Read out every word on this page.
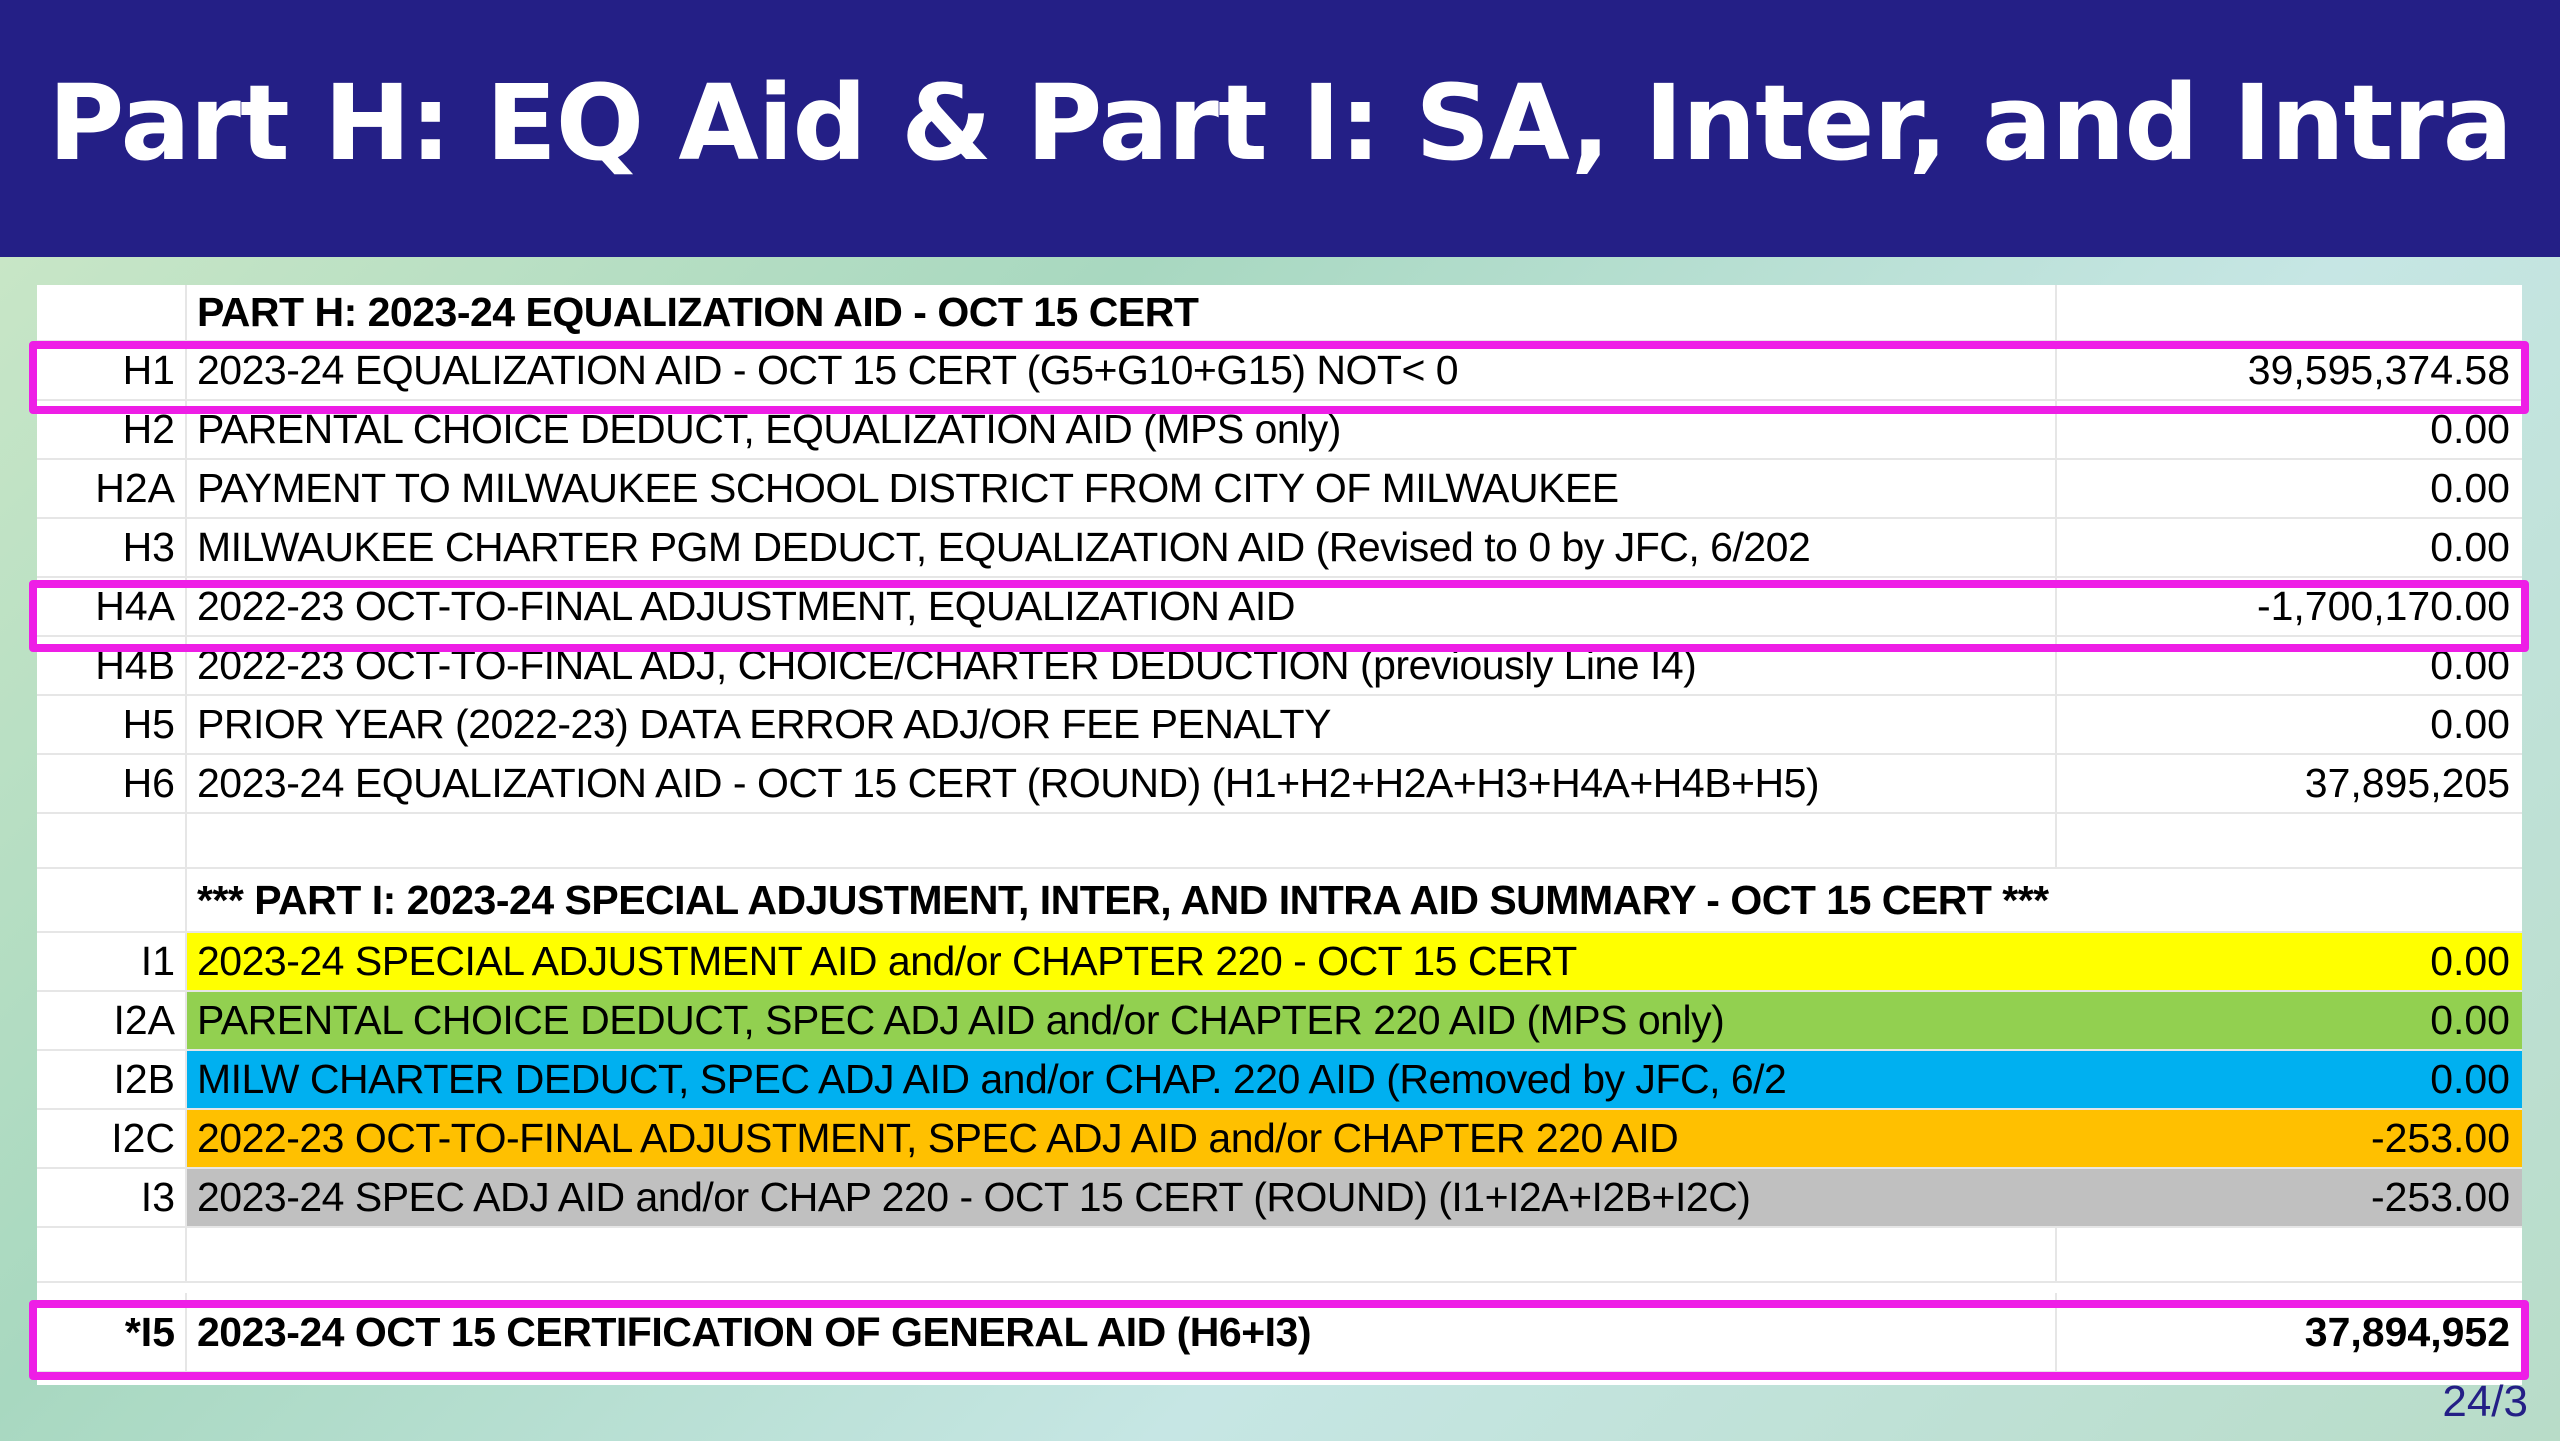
Part H: EQ Aid & Part I: SA, Inter, and Intra
PART H: 2023-24 EQUALIZATION AID - OCT 15 CERT
H1 2023-24 EQUALIZATION AID - OCT 15 CERT (G5+G10+G15) NOT< 0	39,595,374.58
H2 PARENTAL CHOICE DEDUCT, EQUALIZATION AID (MPS only)	0.00
H2A PAYMENT TO MILWAUKEE SCHOOL DISTRICT FROM CITY OF MILWAUKEE	0.00
H3 MILWAUKEE CHARTER PGM DEDUCT, EQUALIZATION AID (Revised to 0 by JFC, 6/202	0.00
H4A 2022-23 OCT-TO-FINAL ADJUSTMENT, EQUALIZATION AID	-1,700,170.00
H4B 2022-23 OCT-TO-FINAL ADJ, CHOICE/CHARTER DEDUCTION (previously Line I4)	0.00
H5 PRIOR YEAR (2022-23) DATA ERROR ADJ/OR FEE PENALTY	0.00
H6 2023-24 EQUALIZATION AID - OCT 15 CERT (ROUND) (H1+H2+H2A+H3+H4A+H4B+H5)	37,895,205
*** PART I: 2023-24 SPECIAL ADJUSTMENT, INTER, AND INTRA AID SUMMARY - OCT 15 CERT ***
I1 2023-24 SPECIAL ADJUSTMENT AID and/or CHAPTER 220 - OCT 15 CERT	0.00
I2A PARENTAL CHOICE DEDUCT, SPEC ADJ AID and/or CHAPTER 220 AID (MPS only)	0.00
I2B MILW CHARTER DEDUCT, SPEC ADJ AID and/or CHAP. 220 AID (Removed by JFC, 6/2	0.00
I2C 2022-23 OCT-TO-FINAL ADJUSTMENT, SPEC ADJ AID and/or CHAPTER 220 AID	-253.00
I3 2023-24 SPEC ADJ AID and/or CHAP 220 - OCT 15 CERT (ROUND) (I1+I2A+I2B+I2C)	-253.00
*I5 2023-24 OCT 15 CERTIFICATION OF GENERAL AID (H6+I3)	37,894,952
24/3
